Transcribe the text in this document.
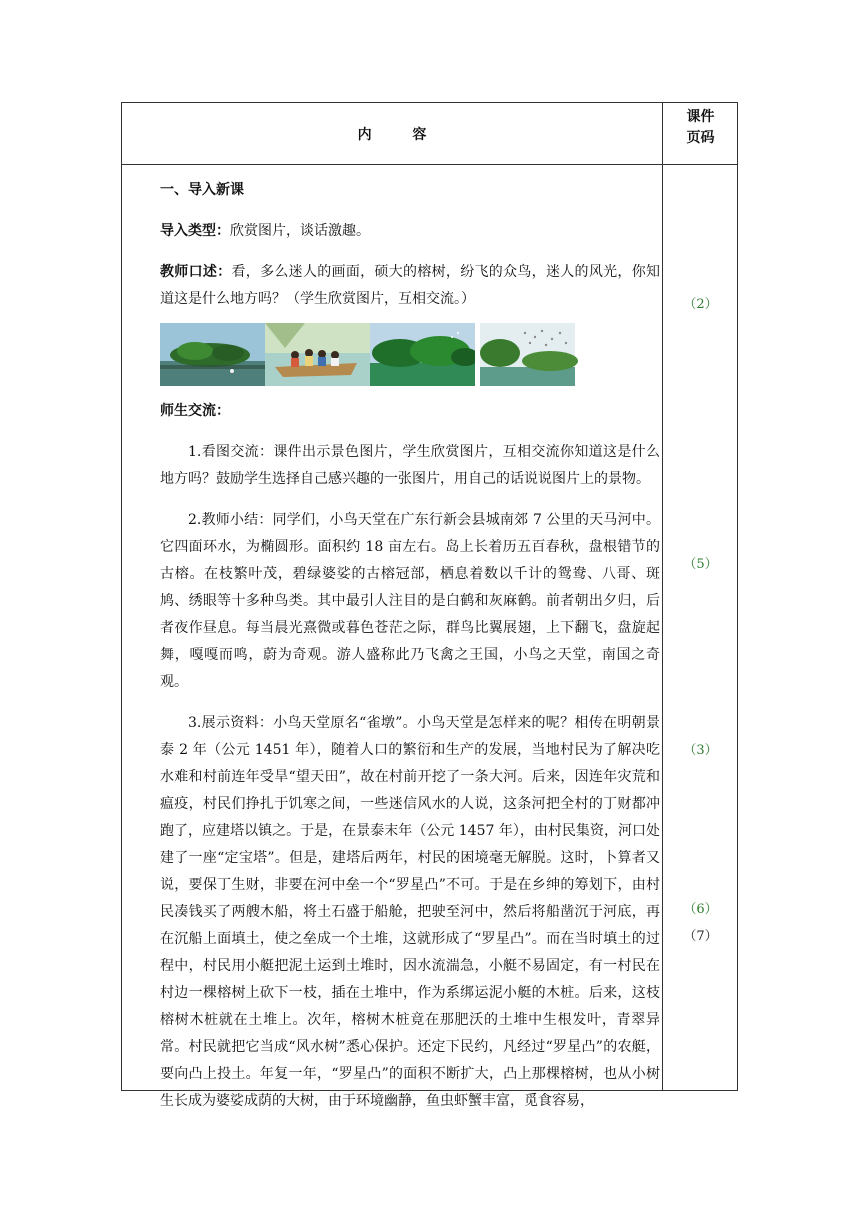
内 容
课件页码

一、导入新课

导入类型：欣赏图片，谈话激趣。

教师口述：看，多么迷人的画面，硕大的榕树，纷飞的众鸟，迷人的风光，你知道这是什么地方吗？（学生欣赏图片，互相交流。）

师生交流：

1.看图交流：课件出示景色图片，学生欣赏图片，互相交流你知道这是什么地方吗？鼓励学生选择自己感兴趣的一张图片，用自己的话说说图片上的景物。

2.教师小结：同学们，小鸟天堂在广东行新会县城南郊 7 公里的天马河中。它四面环水，为椭圆形。面积约 18 亩左右。岛上长着历五百春秋，盘根错节的古榕。在枝繁叶茂，碧绿婆娑的古榕冠部，栖息着数以千计的鸳鸯、八哥、斑鸠、绣眼等十多种鸟类。其中最引人注目的是白鹤和灰麻鹤。前者朝出夕归，后者夜作昼息。每当晨光熹微或暮色苍茫之际，群鸟比翼展翅，上下翻飞，盘旋起舞，嘎嘎而鸣，蔚为奇观。游人盛称此乃飞禽之王国，小鸟之天堂，南国之奇观。

3.展示资料：小鸟天堂原名“雀墩”。小鸟天堂是怎样来的呢？相传在明朝景泰 2 年（公元 1451 年），随着人口的繁衍和生产的发展，当地村民为了解决吃水难和村前连年受旱“望天田”，故在村前开挖了一条大河。后来，因连年灾荒和瘟疫，村民们挣扎于饥寒之间，一些迷信风水的人说，这条河把全村的丁财都冲跑了，应建塔以镇之。于是，在景泰末年（公元 1457 年），由村民集资，河口处建了一座“定宝塔”。但是，建塔后两年，村民的困境毫无解脱。这时，卜算者又说，要保丁生财，非要在河中垒一个“罗星凸”不可。于是在乡绅的筹划下，由村民凑钱买了两艘木船，将土石盛于船舱，把驶至河中，然后将船凿沉于河底，再在沉船上面填土，使之垒成一个土堆，这就形成了“罗星凸”。而在当时填土的过程中，村民用小艇把泥土运到土堆时，因水流湍急，小艇不易固定，有一村民在村边一棵榕树上砍下一枝，插在土堆中，作为系绑运泥小艇的木桩。后来，这枝榕树木桩就在土堆上。次年，榕树木桩竟在那肥沃的土堆中生根发叶，青翠异常。村民就把它当成“风水树”悉心保护。还定下民约，凡经过“罗星凸”的农艇，要向凸上投土。年复一年，“罗星凸”的面积不断扩大，凸上那棵榕树，也从小树生长成为婆娑成荫的大树，由于环境幽静，鱼虫虾蟹丰富，觅食容易，

（2）
（5）
（3）
（6）
（7）
